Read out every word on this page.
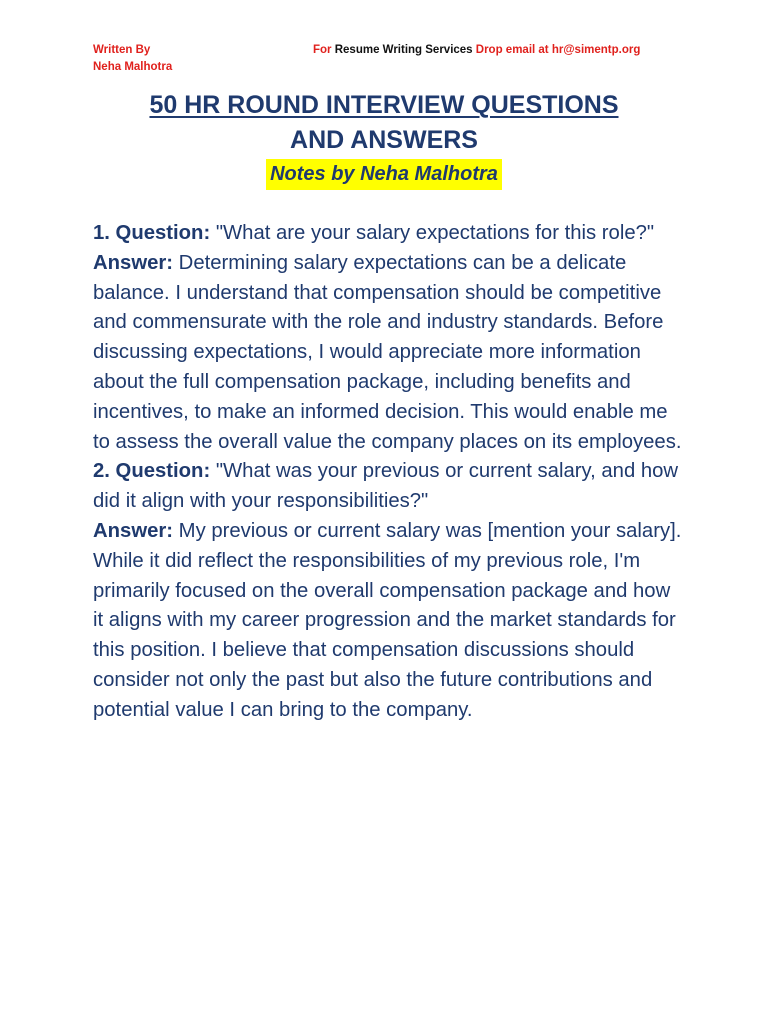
Written By
Neha Malhotra
For Resume Writing Services Drop email at hr@simentp.org
50 HR ROUND INTERVIEW QUESTIONS
AND ANSWERS
Notes by Neha Malhotra

1. Question: "What are your salary expectations for this role?"

Answer: Determining salary expectations can be a delicate balance. I understand that compensation should be competitive and commensurate with the role and industry standards. Before discussing expectations, I would appreciate more information about the full compensation package, including benefits and incentives, to make an informed decision. This would enable me to assess the overall value the company places on its employees.

2. Question: "What was your previous or current salary, and how did it align with your responsibilities?"

Answer: My previous or current salary was [mention your salary]. While it did reflect the responsibilities of my previous role, I'm primarily focused on the overall compensation package and how it aligns with my career progression and the market standards for this position. I believe that compensation discussions should consider not only the past but also the future contributions and potential value I can bring to the company.
